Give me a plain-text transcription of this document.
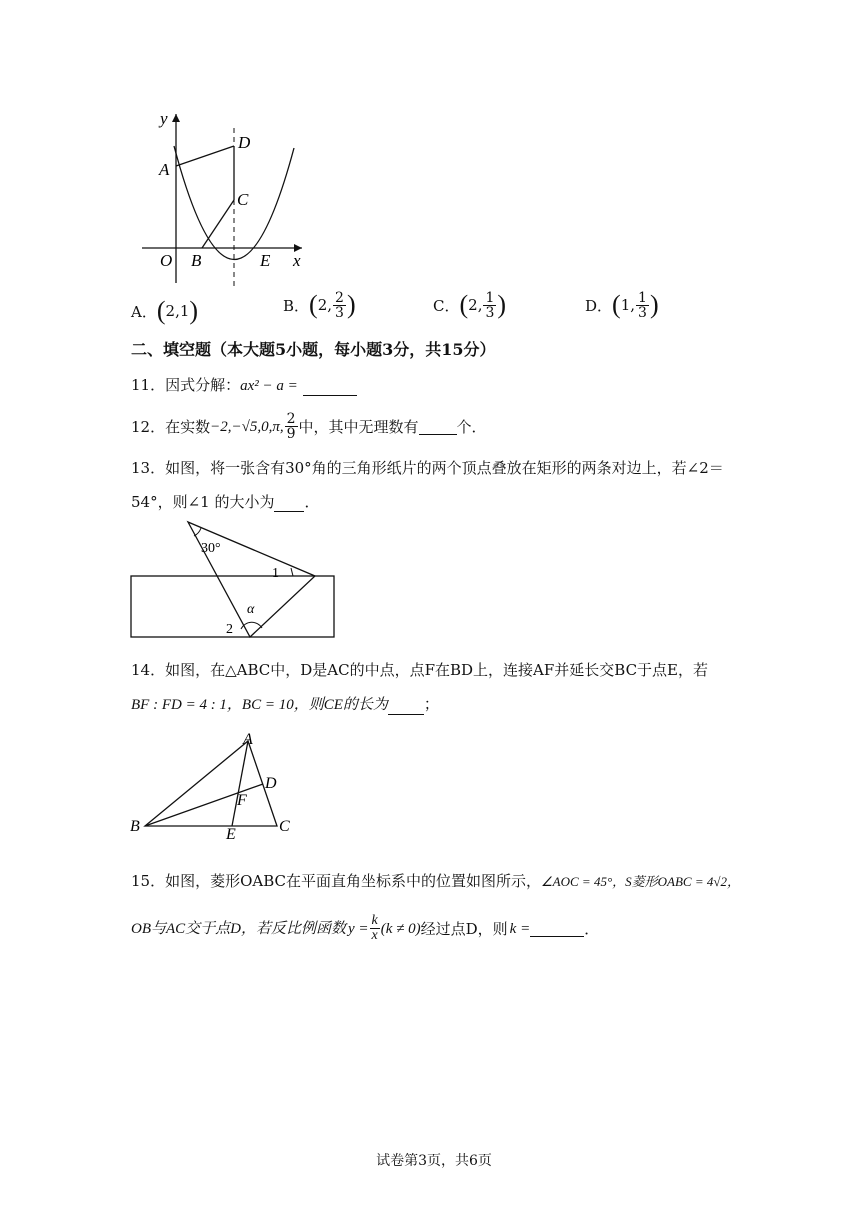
y
x
O
A
B
C
D
E
A． ( 2 , 1 )	B． ( 2 , $\frac{2}{3}$ )	C． ( 2 , $\frac{1}{3}$ )	D． ( 1 , $\frac{1}{3}$ )
二、填空题（本大题5小题，每小题3分，共15分）
11．因式分解：ax² − a =
12． 在实数 −2,−√5,0,π, $\frac{2}{9}$ 中，其中无理数有	个．
13．如图，将一张含有30°角的三角形纸片的两个顶点叠放在矩形的两条对边上，若∠2＝
54°，则∠1 的大小为 ．
30°
1
2
α
14．如图，在△ABC中，D是AC的中点，点F在BD上，连接AF并延长交BC于点E，若
BF : FD = 4 : 1，BC = 10，则CE的长为 ；
A
B	C
D
E
F
15．如图，菱形OABC在平面直角坐标系中的位置如图所示，∠AOC = 45°，S菱形OABC = 4√2，
OB与AC交于点D，若反比例函数 $y = \frac{k}{x} (k \ne 0)$ 经过点D，则 k =	．
试卷第3页，共6页
